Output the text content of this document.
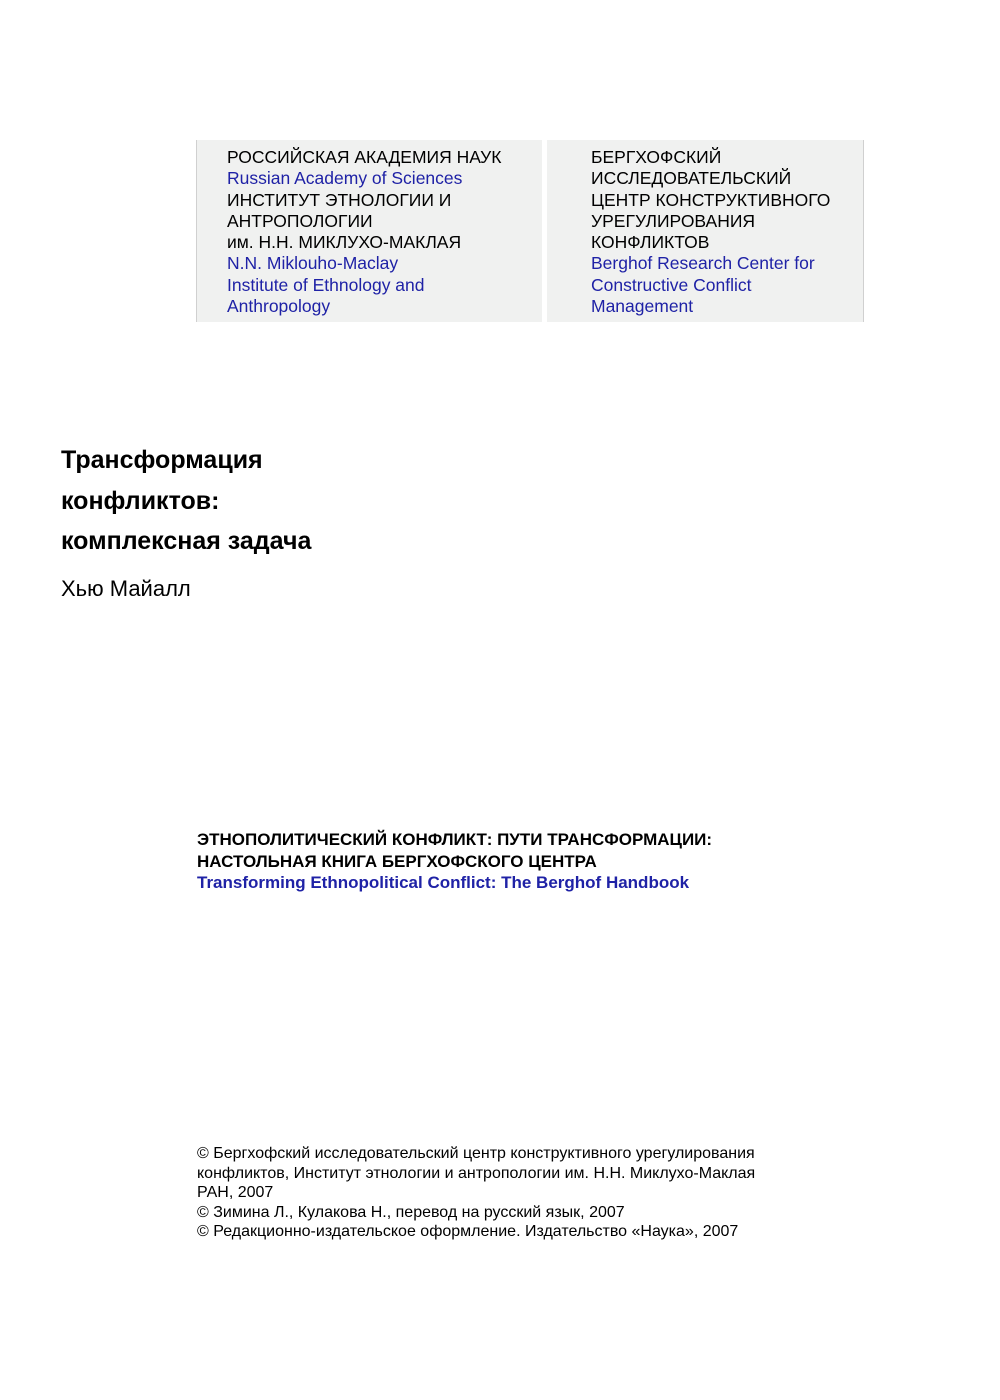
РОССИЙСКАЯ АКАДЕМИЯ НАУК
Russian Academy of Sciences
ИНСТИТУТ ЭТНОЛОГИИ И
АНТРОПОЛОГИИ
им. Н.Н. МИКЛУХО-МАКЛАЯ
N.N. Miklouho-Maclay
Institute of Ethnology and
Anthropology
БЕРГХОФСКИЙ
ИССЛЕДОВАТЕЛЬСКИЙ
ЦЕНТР КОНСТРУКТИВНОГО
УРЕГУЛИРОВАНИЯ
КОНФЛИКТОВ
Berghof Research Center for
Constructive Conflict
Management
Трансформация
конфликтов:
комплексная задача
Хью Майалл
ЭТНОПОЛИТИЧЕСКИЙ КОНФЛИКТ: ПУТИ ТРАНСФОРМАЦИИ:
НАСТОЛЬНАЯ КНИГА БЕРГХОФСКОГО ЦЕНТРА
Transforming Ethnopolitical Conflict: The Berghof Handbook
© Бергхофский исследовательский центр конструктивного урегулирования
конфликтов, Институт этнологии и антропологии им. Н.Н. Миклухо-Маклая
РАН, 2007
© Зимина Л., Кулакова Н., перевод на русский язык, 2007
© Редакционно-издательское оформление. Издательство «Наука», 2007
